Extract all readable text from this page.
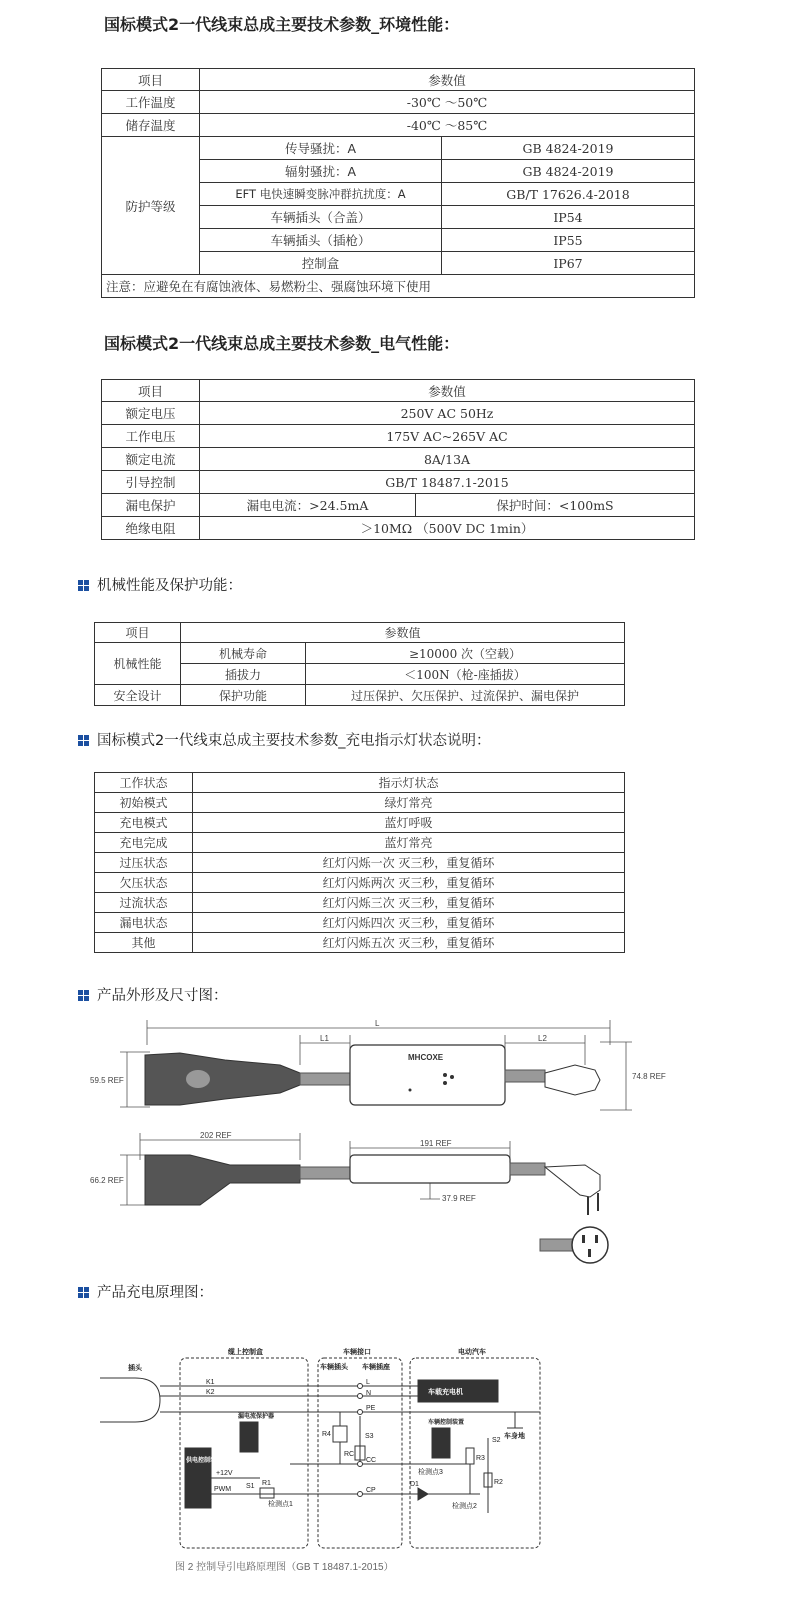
国标模式2一代线束总成主要技术参数_环境性能：
项目	参数值	
工作温度	-30℃ ～50℃	
储存温度	-40℃ ～85℃	
防护等级	传导骚扰：A	GB 4824-2019
	辐射骚扰：A	GB 4824-2019
	EFT 电快速瞬变脉冲群抗扰度：A	GB/T 17626.4-2018
	车辆插头（合盖）	IP54
	车辆插头（插枪）	IP55
	控制盒	IP67
注意：应避免在有腐蚀液体、易燃粉尘、强腐蚀环境下使用		
国标模式2一代线束总成主要技术参数_电气性能：
项目	参数值	
额定电压	250V AC 50Hz	
工作电压	175V AC~265V AC	
额定电流	8A/13A	
引导控制	GB/T 18487.1-2015	
漏电保护	漏电电流：>24.5mA	保护时间：<100mS
绝缘电阻	＞10MΩ （500V DC 1min）	
机械性能及保护功能：
项目	参数值	
机械性能	机械寿命	≥10000 次（空载）
	插拔力	＜100N（枪-座插拔）
安全设计	保护功能	过压保护、欠压保护、过流保护、漏电保护
国标模式2一代线束总成主要技术参数_充电指示灯状态说明：
工作状态	指示灯状态
初始模式	绿灯常亮
充电模式	蓝灯呼吸
充电完成	蓝灯常亮
过压状态	红灯闪烁一次 灭三秒，重复循环
欠压状态	红灯闪烁两次 灭三秒，重复循环
过流状态	红灯闪烁三次 灭三秒，重复循环
漏电状态	红灯闪烁四次 灭三秒，重复循环
其他	红灯闪烁五次 灭三秒，重复循环
产品外形及尺寸图：
L
L1	L2
59.5 REF	74.8 REF
202 REF
66.2 REF
191 REF
37.9 REF
MHCOXE
产品充电原理图：
缆上控制盒	车辆接口	电动汽车
插头	车辆插头 车辆插座
车载充电机
车身地
供电控制装置
漏电流保护器
车辆控制装置
K1
K2
L
N
PE
CC
CP
R4	S3
RC
S2
R3
R2
+12V
PWM S1 R1	D1
检测点1	检测点2
检测点3
图 2 控制导引电路原理图（GB T 18487.1-2015）
